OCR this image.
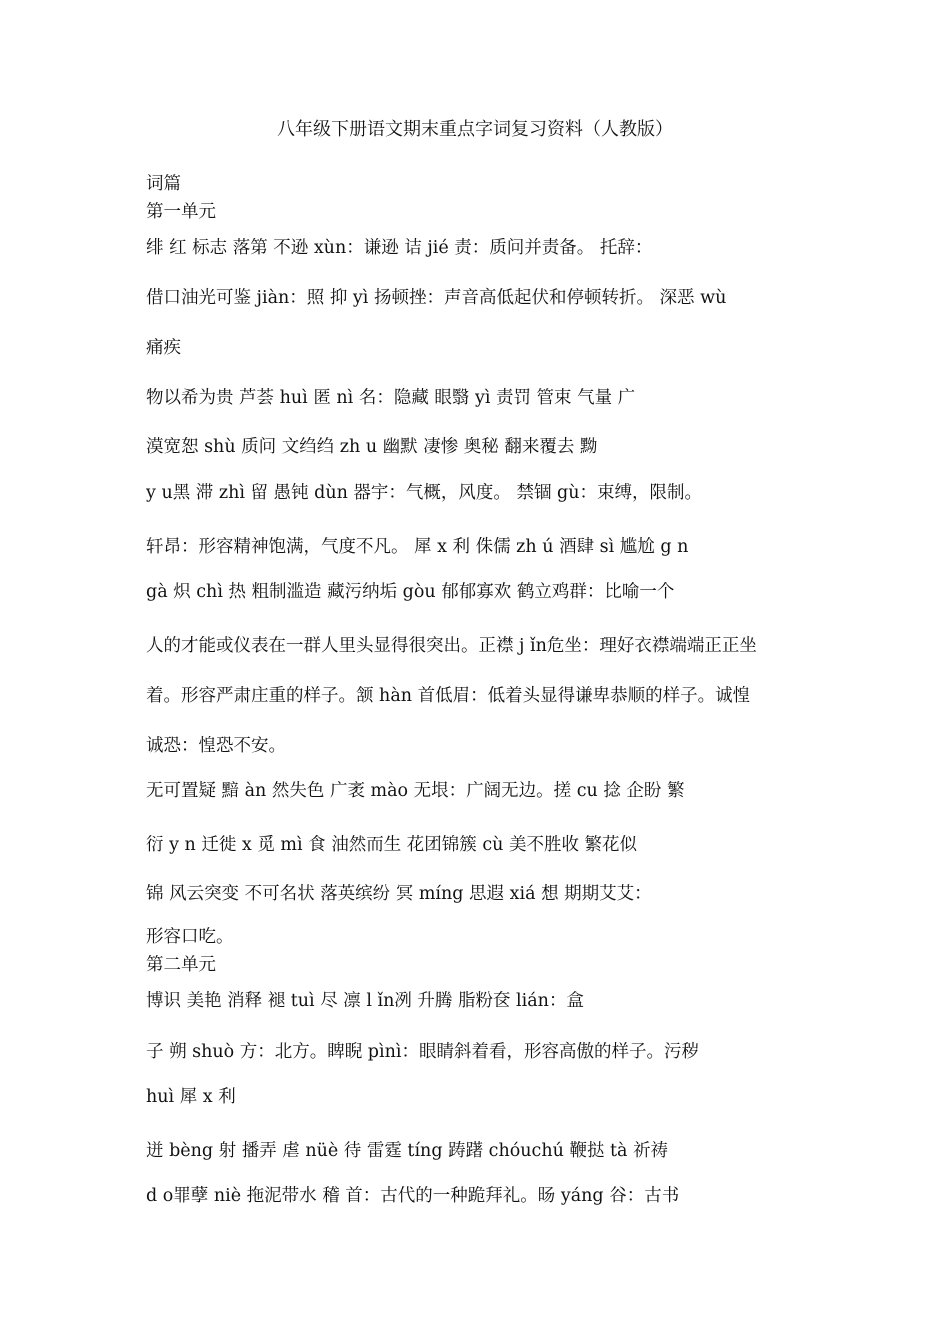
八年级下册语文期末重点字词复习资料（人教版）
词篇
第一单元
绯 红 标志 落第 不逊 xùn：谦逊 诘 jié 责：质问并责备。 托辞：
借口油光可鉴 jiàn：照 抑 yì 扬顿挫：声音高低起伏和停顿转折。 深恶 wù
痛疾
物以希为贵 芦荟 huì 匿 nì 名：隐藏 眼翳 yì 责罚 管束 气量 广
漠宽恕 shù 质问 文绉绉 zh u 幽默 凄惨 奥秘 翻来覆去 黝
y u黑 滞 zhì 留 愚钝 dùn 器宇：气概，风度。 禁锢 gù：束缚，限制。
轩昂：形容精神饱满，气度不凡。 犀 x 利 侏儒 zh ú 酒肆 sì 尴尬 g n
gà 炽 chì 热 粗制滥造 藏污纳垢 gòu 郁郁寡欢 鹤立鸡群：比喻一个
人的才能或仪表在一群人里头显得很突出。正襟 j ǐn危坐：理好衣襟端端正正坐
着。形容严肃庄重的样子。颔 hàn 首低眉：低着头显得谦卑恭顺的样子。诚惶
诚恐：惶恐不安。
无可置疑 黯 àn 然失色 广袤 mào 无垠：广阔无边。搓 cu 捻 企盼 繁
衍 y n 迁徙 x 觅 mì 食 油然而生 花团锦簇 cù 美不胜收 繁花似
锦 风云突变 不可名状 落英缤纷 冥 míng 思遐 xiá 想 期期艾艾：
形容口吃。
第二单元
博识 美艳 消释 褪 tuì 尽 凛 l ǐn冽 升腾 脂粉奁 lián：盒
子 朔 shuò 方：北方。睥睨 pìnì：眼睛斜着看，形容高傲的样子。污秽
huì 犀 x 利
迸 bèng 射 播弄 虐 nüè 待 雷霆 tíng 踌躇 chóuchú 鞭挞 tà 祈祷
d o罪孽 niè 拖泥带水 稽 首：古代的一种跪拜礼。旸 yáng 谷：古书
